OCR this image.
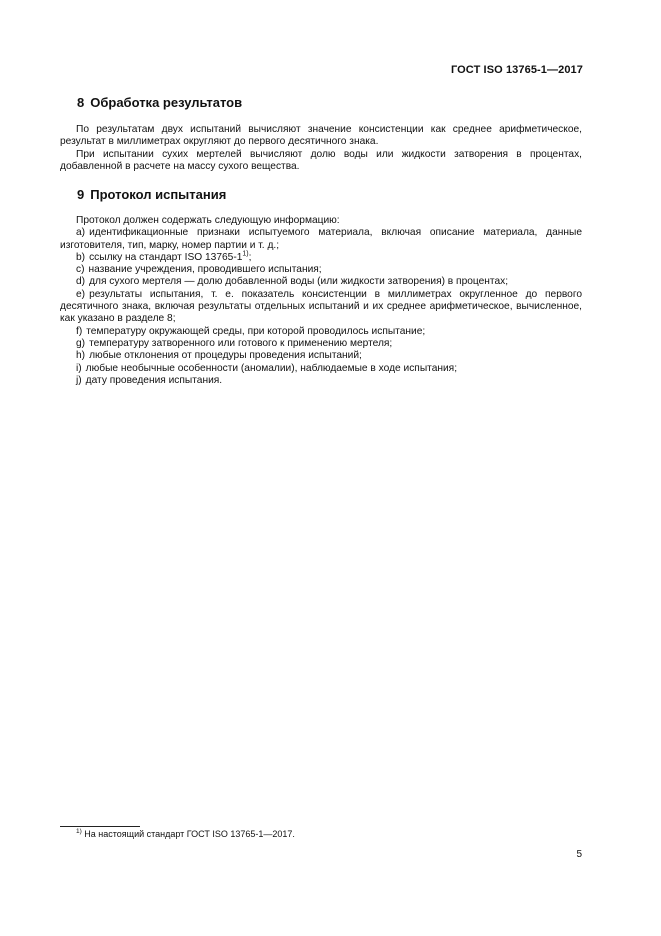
ГОСТ ISO 13765-1—2017
8 Обработка результатов

По результатам двух испытаний вычисляют значение консистенции как среднее арифметическое, результат в миллиметрах округляют до первого десятичного знака.

При испытании сухих мертелей вычисляют долю воды или жидкости затворения в процентах, добавленной в расчете на массу сухого вещества.

9 Протокол испытания

Протокол должен содержать следующую информацию:

a) идентификационные признаки испытуемого материала, включая описание материала, данные изготовителя, тип, марку, номер партии и т. д.;
b) ссылку на стандарт ISO 13765-1$^{1)}$;
c) название учреждения, проводившего испытания;
d) для сухого мертеля — долю добавленной воды (или жидкости затворения) в процентах;
e) результаты испытания, т. е. показатель консистенции в миллиметрах округленное до первого десятичного знака, включая результаты отдельных испытаний и их среднее арифметическое, вычисленное, как указано в разделе 8;
f) температуру окружающей среды, при которой проводилось испытание;
g) температуру затворенного или готового к применению мертеля;
h) любые отклонения от процедуры проведения испытаний;
i) любые необычные особенности (аномалии), наблюдаемые в ходе испытания;
j) дату проведения испытания.
$^{1)}$ На настоящий стандарт ГОСТ ISO 13765-1—2017.
5
